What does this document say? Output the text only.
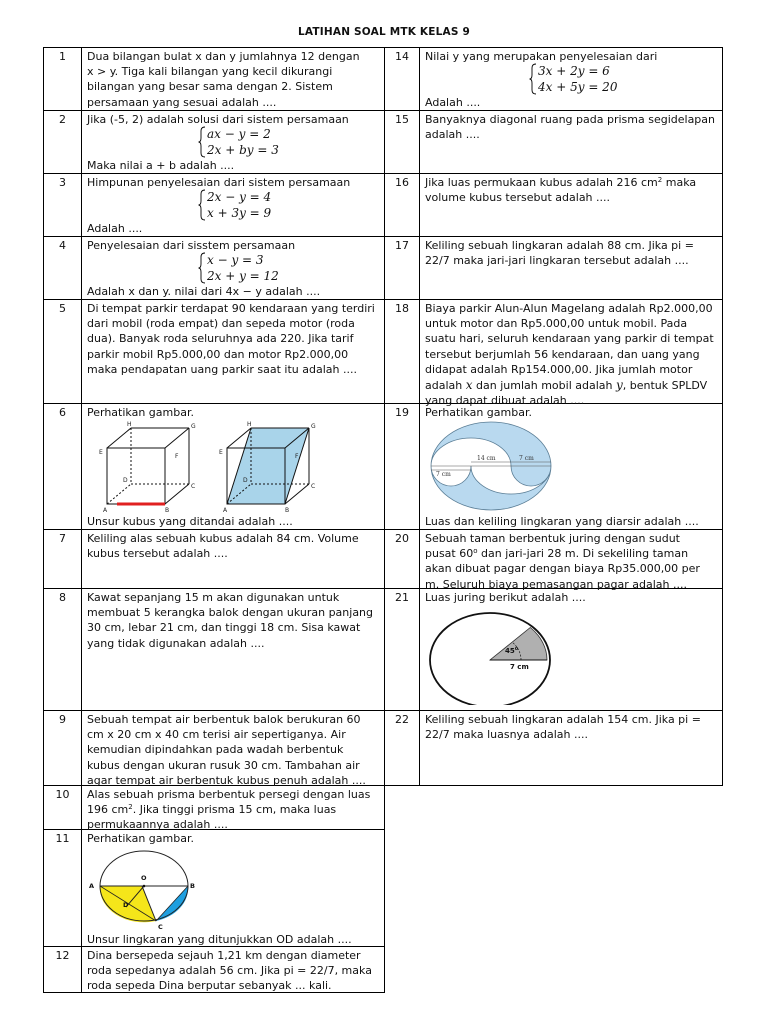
LATIHAN SOAL MTK KELAS 9
1	Dua bilangan bulat x dan y jumlahnya 12 dengan
x > y. Tiga kali bilangan yang kecil dikurangi
bilangan yang besar sama dengan 2. Sistem
persamaan yang sesuai adalah ....
2	Jika (-5, 2) adalah solusi dari sistem persamaan
ax − y = 2
2x + by = 3
Maka nilai a + b adalah ....
3	Himpunan penyelesaian dari sistem persamaan
2x − y = 4
x + 3y = 9
Adalah ....
4	Penyelesaian dari sisstem persamaan
x − y = 3
2x + y = 12
Adalah x dan y. nilai dari 4x − y adalah ....
5	Di tempat parkir terdapat 90 kendaraan yang terdiri
dari mobil (roda empat) dan sepeda motor (roda
dua). Banyak roda seluruhnya ada 220. Jika tarif
parkir mobil Rp5.000,00 dan motor Rp2.000,00
maka pendapatan uang parkir saat itu adalah ....
6	Perhatikan gambar.
H	G
E
F
D
C
A	B
H	G
E
F
D
C
A	B
Unsur kubus yang ditandai adalah ....
7	Keliling alas sebuah kubus adalah 84 cm. Volume
kubus tersebut adalah ....
8	Kawat sepanjang 15 m akan digunakan untuk
membuat 5 kerangka balok dengan ukuran panjang
30 cm, lebar 21 cm, dan tinggi 18 cm. Sisa kawat
yang tidak digunakan adalah ....
9	Sebuah tempat air berbentuk balok berukuran 60
cm x 20 cm x 40 cm terisi air sepertiganya. Air
kemudian dipindahkan pada wadah berbentuk
kubus dengan ukuran rusuk 30 cm. Tambahan air
agar tempat air berbentuk kubus penuh adalah ....
10	Alas sebuah prisma berbentuk persegi dengan luas
196 $cm^2$. Jika tinggi prisma 15 cm, maka luas
permukaannya adalah ....
11	Perhatikan gambar.
A	B
O
D
C
Unsur lingkaran yang ditunjukkan OD adalah ....
12	Dina bersepeda sejauh 1,21 km dengan diameter
roda sepedanya adalah 56 cm. Jika pi = 22/7, maka
roda sepeda Dina berputar sebanyak ... kali.
14	Nilai y yang merupakan penyelesaian dari
3x + 2y = 6
4x + 5y = 20
Adalah ....
15	Banyaknya diagonal ruang pada prisma segidelapan
adalah ....
16	Jika luas permukaan kubus adalah 216 $cm^2$ maka
volume kubus tersebut adalah ....
17	Keliling sebuah lingkaran adalah 88 cm. Jika pi =
22/7 maka jari-jari lingkaran tersebut adalah ....
18	Biaya parkir Alun-Alun Magelang adalah Rp2.000,00
untuk motor dan Rp5.000,00 untuk mobil. Pada
suatu hari, seluruh kendaraan yang parkir di tempat
tersebut berjumlah 56 kendaraan, dan uang yang
didapat adalah Rp154.000,00. Jika jumlah motor
adalah x dan jumlah mobil adalah y, bentuk SPLDV
yang dapat dibuat adalah ....
19	Perhatikan gambar.
14 cm	7 cm
7 cm
Luas dan keliling lingkaran yang diarsir adalah ....
20	Sebuah taman berbentuk juring dengan sudut
pusat 60$^o$ dan jari-jari 28 m. Di sekeliling taman
akan dibuat pagar dengan biaya Rp35.000,00 per
m. Seluruh biaya pemasangan pagar adalah ....
21	Luas juring berikut adalah ....
45$^o$
7 cm
22	Keliling sebuah lingkaran adalah 154 cm. Jika pi =
22/7 maka luasnya adalah ....
